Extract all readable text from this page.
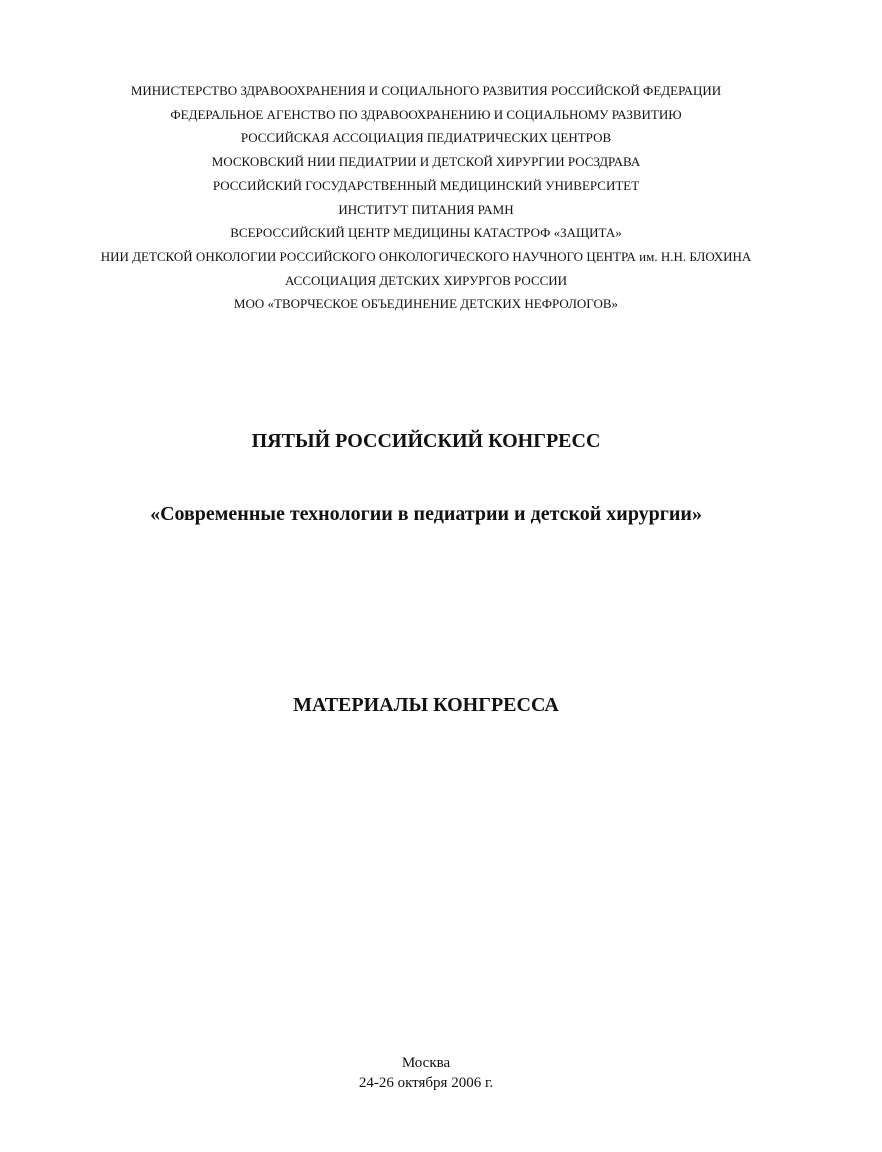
МИНИСТЕРСТВО ЗДРАВООХРАНЕНИЯ И СОЦИАЛЬНОГО РАЗВИТИЯ РОССИЙСКОЙ ФЕДЕРАЦИИ
ФЕДЕРАЛЬНОЕ АГЕНСТВО ПО ЗДРАВООХРАНЕНИЮ И СОЦИАЛЬНОМУ РАЗВИТИЮ
РОССИЙСКАЯ АССОЦИАЦИЯ ПЕДИАТРИЧЕСКИХ ЦЕНТРОВ
МОСКОВСКИЙ НИИ ПЕДИАТРИИ И ДЕТСКОЙ ХИРУРГИИ РОСЗДРАВА
РОССИЙСКИЙ ГОСУДАРСТВЕННЫЙ МЕДИЦИНСКИЙ УНИВЕРСИТЕТ
ИНСТИТУТ ПИТАНИЯ РАМН
ВСЕРОССИЙСКИЙ ЦЕНТР МЕДИЦИНЫ КАТАСТРОФ «ЗАЩИТА»
НИИ ДЕТСКОЙ ОНКОЛОГИИ РОССИЙСКОГО ОНКОЛОГИЧЕСКОГО НАУЧНОГО ЦЕНТРА им. Н.Н. БЛОХИНА
АССОЦИАЦИЯ ДЕТСКИХ ХИРУРГОВ РОССИИ
МОО «ТВОРЧЕСКОЕ ОБЪЕДИНЕНИЕ ДЕТСКИХ НЕФРОЛОГОВ»
ПЯТЫЙ РОССИЙСКИЙ КОНГРЕСС
«Современные технологии в педиатрии и детской хирургии»
МАТЕРИАЛЫ КОНГРЕССА
Москва
24-26 октября 2006 г.
